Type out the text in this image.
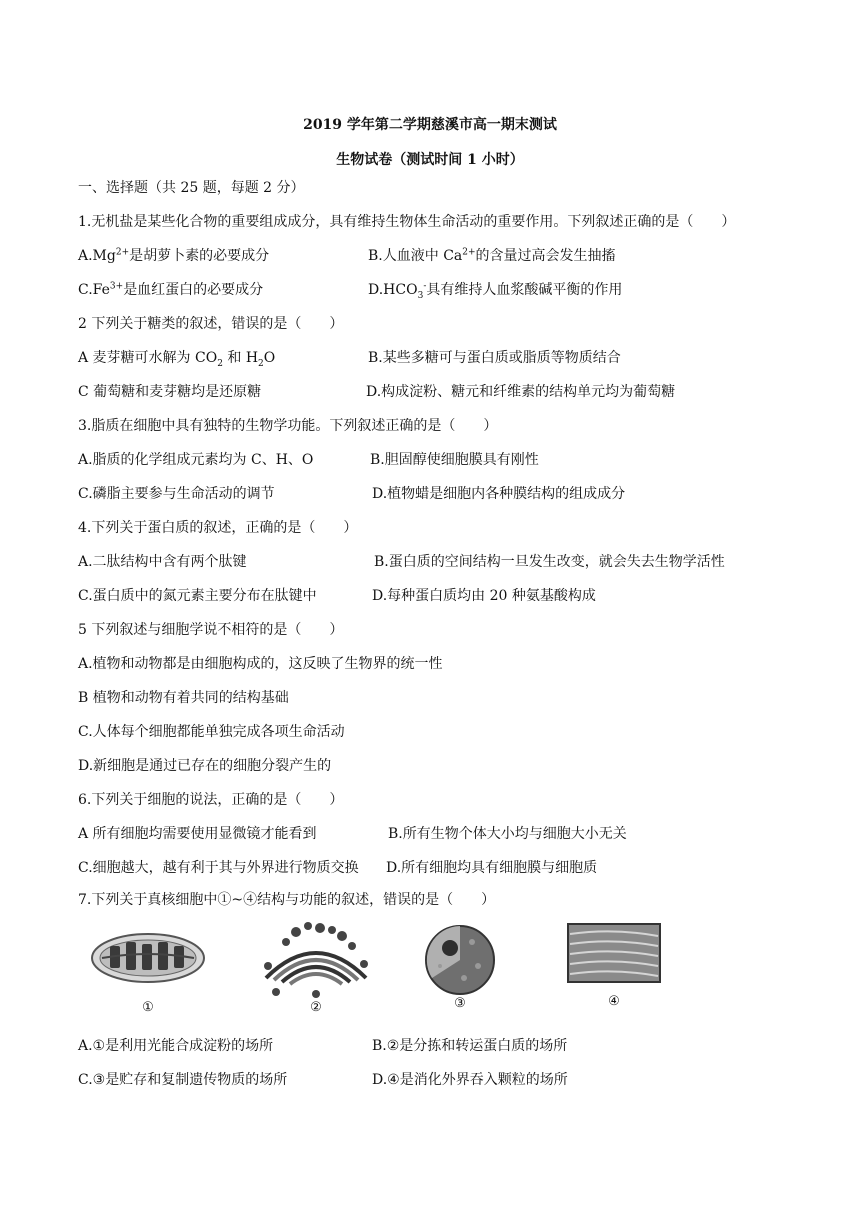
2019 学年第二学期慈溪市高一期末测试
生物试卷（测试时间 1 小时）
一、选择题（共 25 题，每题 2 分）
1.无机盐是某些化合物的重要组成成分，具有维持生物体生命活动的重要作用。下列叙述正确的是（　　）
$A.Mg^{2+}$是胡萝卜素的必要成分	B.人血液中 $Ca^{2+}$的含量过高会发生抽搐
$C.Fe^{3+}$是血红蛋白的必要成分	$D.HCO_3^-$具有维持人血浆酸碱平衡的作用
2 下列关于糖类的叙述，错误的是（　　）
A 麦芽糖可水解为 $CO_2$ 和 $H_2O$	B.某些多糖可与蛋白质或脂质等物质结合
C 葡萄糖和麦芽糖均是还原糖	D.构成淀粉、糖元和纤维素的结构单元均为葡萄糖
3.脂质在细胞中具有独特的生物学功能。下列叙述正确的是（　　）
A.脂质的化学组成元素均为 C、H、O	B.胆固醇使细胞膜具有刚性
C.磷脂主要参与生命活动的调节	D.植物蜡是细胞内各种膜结构的组成成分
4.下列关于蛋白质的叙述，正确的是（　　）
A.二肽结构中含有两个肽键	B.蛋白质的空间结构一旦发生改变，就会失去生物学活性
C.蛋白质中的氮元素主要分布在肽键中	D.每种蛋白质均由 20 种氨基酸构成
5 下列叙述与细胞学说不相符的是（　　）
A.植物和动物都是由细胞构成的，这反映了生物界的统一性
B 植物和动物有着共同的结构基础
C.人体每个细胞都能单独完成各项生命活动
D.新细胞是通过已存在的细胞分裂产生的
6.下列关于细胞的说法，正确的是（　　）
A 所有细胞均需要使用显微镜才能看到	B.所有生物个体大小均与细胞大小无关
C.细胞越大，越有利于其与外界进行物质交换 D.所有细胞均具有细胞膜与细胞质
7.下列关于真核细胞中①~④结构与功能的叙述，错误的是（　　）
①	②	③	④
A.①是利用光能合成淀粉的场所	B.②是分拣和转运蛋白质的场所
C.③是贮存和复制遗传物质的场所	D.④是消化外界吞入颗粒的场所
